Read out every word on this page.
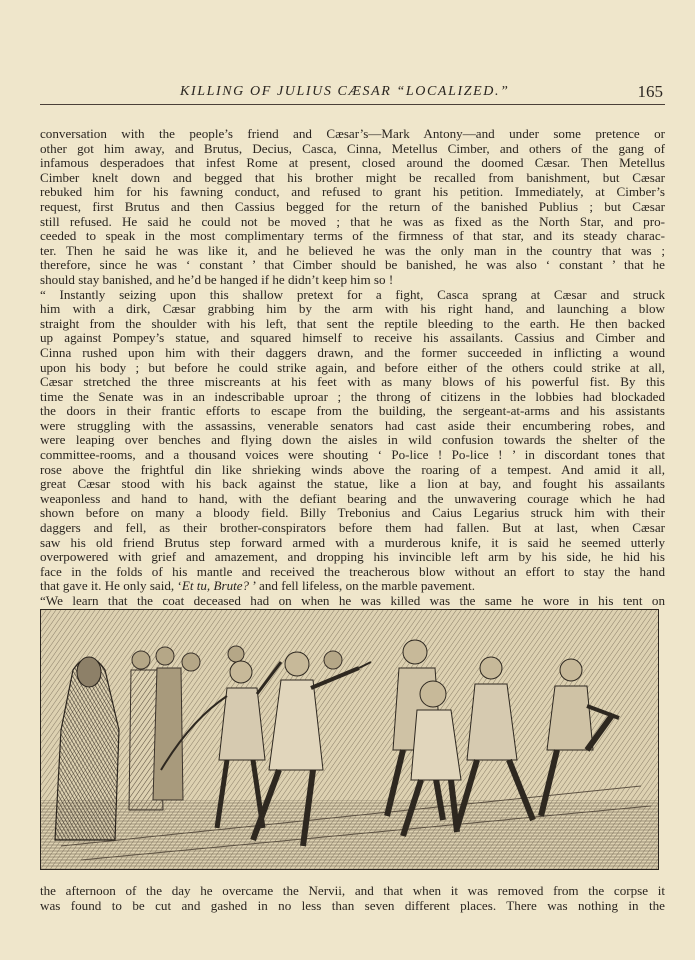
KILLING OF JULIUS CÆSAR “LOCALIZED.”	165
conversation with the people’s friend and Cæsar’s—Mark Antony—and under some pretence or
other got him away, and Brutus, Decius, Casca, Cinna, Metellus Cimber, and others of the gang of
infamous desperadoes that infest Rome at present, closed around the doomed Cæsar. Then Metellus
Cimber knelt down and begged that his brother might be recalled from banishment, but Cæsar
rebuked him for his fawning conduct, and refused to grant his petition. Immediately, at Cimber’s
request, first Brutus and then Cassius begged for the return of the banished Publius ; but Cæsar
still refused. He said he could not be moved ; that he was as fixed as the North Star, and pro-
ceeded to speak in the most complimentary terms of the firmness of that star, and its steady charac-
ter. Then he said he was like it, and he believed he was the only man in the country that was ;
therefore, since he was ‘ constant ’ that Cimber should be banished, he was also ‘ constant ’ that he
should stay banished, and he’d be hanged if he didn’t keep him so !
“ Instantly seizing upon this shallow pretext for a fight, Casca sprang at Cæsar and struck
him with a dirk, Cæsar grabbing him by the arm with his right hand, and launching a blow
straight from the shoulder with his left, that sent the reptile bleeding to the earth. He then backed
up against Pompey’s statue, and squared himself to receive his assailants. Cassius and Cimber and
Cinna rushed upon him with their daggers drawn, and the former succeeded in inflicting a wound
upon his body ; but before he could strike again, and before either of the others could strike at all,
Cæsar stretched the three miscreants at his feet with as many blows of his powerful fist. By this
time the Senate was in an indescribable uproar ; the throng of citizens in the lobbies had blockaded
the doors in their frantic efforts to escape from the building, the sergeant-at-arms and his assistants
were struggling with the assassins, venerable senators had cast aside their encumbering robes, and
were leaping over benches and flying down the aisles in wild confusion towards the shelter of the
committee-rooms, and a thousand voices were shouting ‘ Po-lice ! Po-lice ! ’ in discordant tones that
rose above the frightful din like shrieking winds above the roaring of a tempest. And amid it all,
great Cæsar stood with his back against the statue, like a lion at bay, and fought his assailants
weaponless and hand to hand, with the defiant bearing and the unwavering courage which he had
shown before on many a bloody field. Billy Trebonius and Caius Legarius struck him with their
daggers and fell, as their brother-conspirators before them had fallen. But at last, when Cæsar
saw his old friend Brutus step forward armed with a murderous knife, it is said he seemed utterly
overpowered with grief and amazement, and dropping his invincible left arm by his side, he hid his
face in the folds of his mantle and received the treacherous blow without an effort to stay the hand
that gave it. He only said, ‘Et tu, Brute? ’ and fell lifeless, on the marble pavement.
“We learn that the coat deceased had on when he was killed was the same he wore in his tent on
the afternoon of the day he overcame the Nervii, and that when it was removed from the corpse it
was found to be cut and gashed in no less than seven different places. There was nothing in the
